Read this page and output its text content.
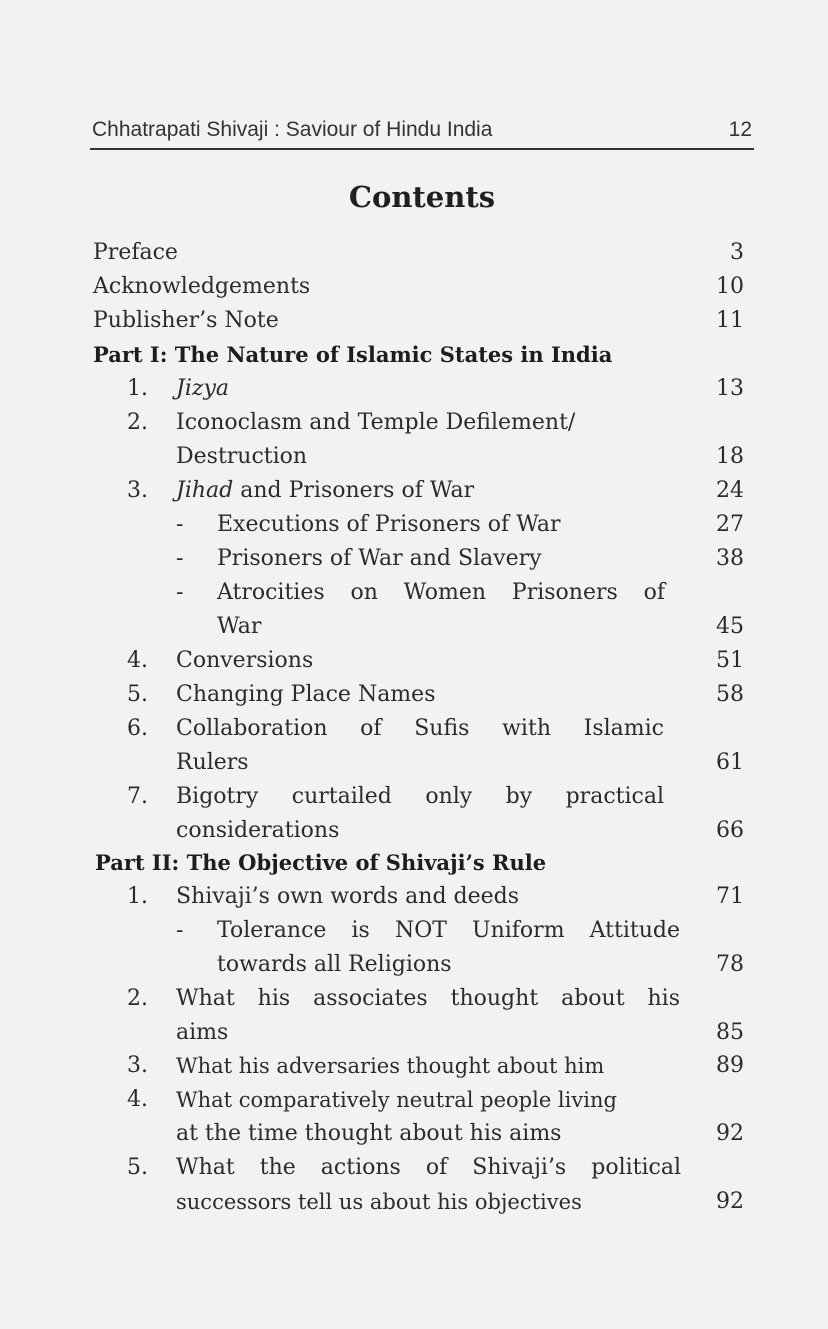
Chhatrapati Shivaji : Saviour of Hindu India	12
Contents
Preface	3
Acknowledgements	10
Publisher’s Note	11
Part I: The Nature of Islamic States in India
1. Jizya	13
2. Iconoclasm and Temple Defilement/
Destruction	18
3. Jihad and Prisoners of War	24
- Executions of Prisoners of War	27
- Prisoners of War and Slavery	38
- Atrocities on Women Prisoners of
War	45
4. Conversions	51
5. Changing Place Names	58
6. Collaboration of Sufis with Islamic
Rulers	61
7. Bigotry curtailed only by practical
considerations	66
Part II: The Objective of Shivaji’s Rule
1. Shivaji’s own words and deeds	71
- Tolerance is NOT Uniform Attitude
towards all Religions	78
2. What his associates thought about his
aims	85
3. What his adversaries thought about him	89
4. What comparatively neutral people living
at the time thought about his aims	92
5. What the actions of Shivaji’s political
successors tell us about his objectives	92
